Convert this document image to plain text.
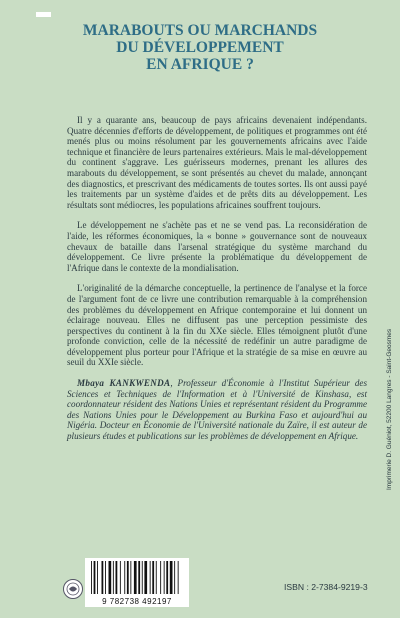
MARABOUTS OU MARCHANDS
DU DÉVELOPPEMENT
EN AFRIQUE ?

Il y a quarante ans, beaucoup de pays africains devenaient indépendants. Quatre décennies d'efforts de développement, de politiques et programmes ont été menés plus ou moins résolument par les gouvernements africains avec l'aide technique et financière de leurs partenaires extérieurs. Mais le mal-développement du continent s'aggrave. Les guérisseurs modernes, prenant les allures des marabouts du développement, se sont présentés au chevet du malade, annonçant des diagnostics, et prescrivant des médicaments de toutes sortes. Ils ont aussi payé les traitements par un système d'aides et de prêts dits au développement. Les résultats sont médiocres, les populations africaines souffrent toujours.

Le développement ne s'achète pas et ne se vend pas. La reconsidération de l'aide, les réformes économiques, la « bonne » gouvernance sont de nouveaux chevaux de bataille dans l'arsenal stratégique du système marchand du développement. Ce livre présente la problématique du développement de l'Afrique dans le contexte de la mondialisation.

L'originalité de la démarche conceptuelle, la pertinence de l'analyse et la force de l'argument font de ce livre une contribution remarquable à la compréhension des problèmes du développement en Afrique contemporaine et lui donnent un éclairage nouveau. Elles ne diffusent pas une perception pessimiste des perspectives du continent à la fin du XXe siècle. Elles témoignent plutôt d'une profonde conviction, celle de la nécessité de redéfinir un autre paradigme de développement plus porteur pour l'Afrique et la stratégie de sa mise en œuvre au seuil du XXIe siècle.

Mbaya KANKWENDA, Professeur d'Économie à l'Institut Supérieur des Sciences et Techniques de l'Information et à l'Université de Kinshasa, est coordonnateur résident des Nations Unies et représentant résident du Programme des Nations Unies pour le Développement au Burkina Faso et aujourd'hui au Nigéria. Docteur en Économie de l'Université nationale du Zaïre, il est auteur de plusieurs études et publications sur les problèmes de développement en Afrique.	Imprimerie D. Guéniot, 52200 Langres - Saint-Geosmes
9 782738 492197
ISBN : 2-7384-9219-3
